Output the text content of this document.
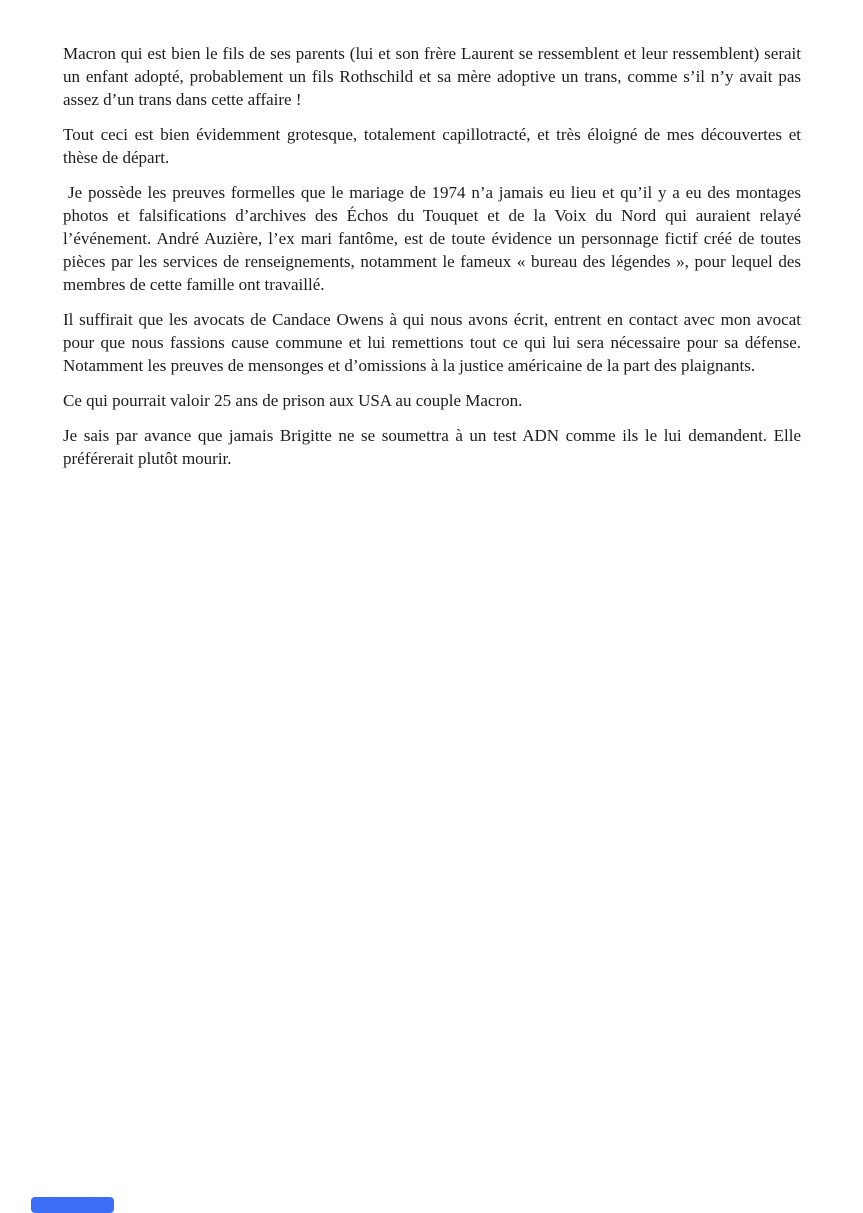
Macron qui est bien le fils de ses parents (lui et son frère Laurent se ressemblent et leur ressemblent) serait un enfant adopté, probablement un fils Rothschild et sa mère adoptive un trans, comme s’il n’y avait pas assez d’un trans dans cette affaire !

Tout ceci est bien évidemment grotesque, totalement capillotracté, et très éloigné de mes découvertes et thèse de départ.

Je possède les preuves formelles que le mariage de 1974 n’a jamais eu lieu et qu’il y a eu des montages photos et falsifications d’archives des Échos du Touquet et de la Voix du Nord qui auraient relayé l’événement. André Auzière, l’ex mari fantôme, est de toute évidence un personnage fictif créé de toutes pièces par les services de renseignements, notamment le fameux « bureau des légendes », pour lequel des membres de cette famille ont travaillé.

Il suffirait que les avocats de Candace Owens à qui nous avons écrit, entrent en contact avec mon avocat pour que nous fassions cause commune et lui remettions tout ce qui lui sera nécessaire pour sa défense. Notamment les preuves de mensonges et d’omissions à la justice américaine de la part des plaignants.

Ce qui pourrait valoir 25 ans de prison aux USA au couple Macron.

Je sais par avance que jamais Brigitte ne se soumettra à un test ADN comme ils le lui demandent. Elle préférerait plutôt mourir.
